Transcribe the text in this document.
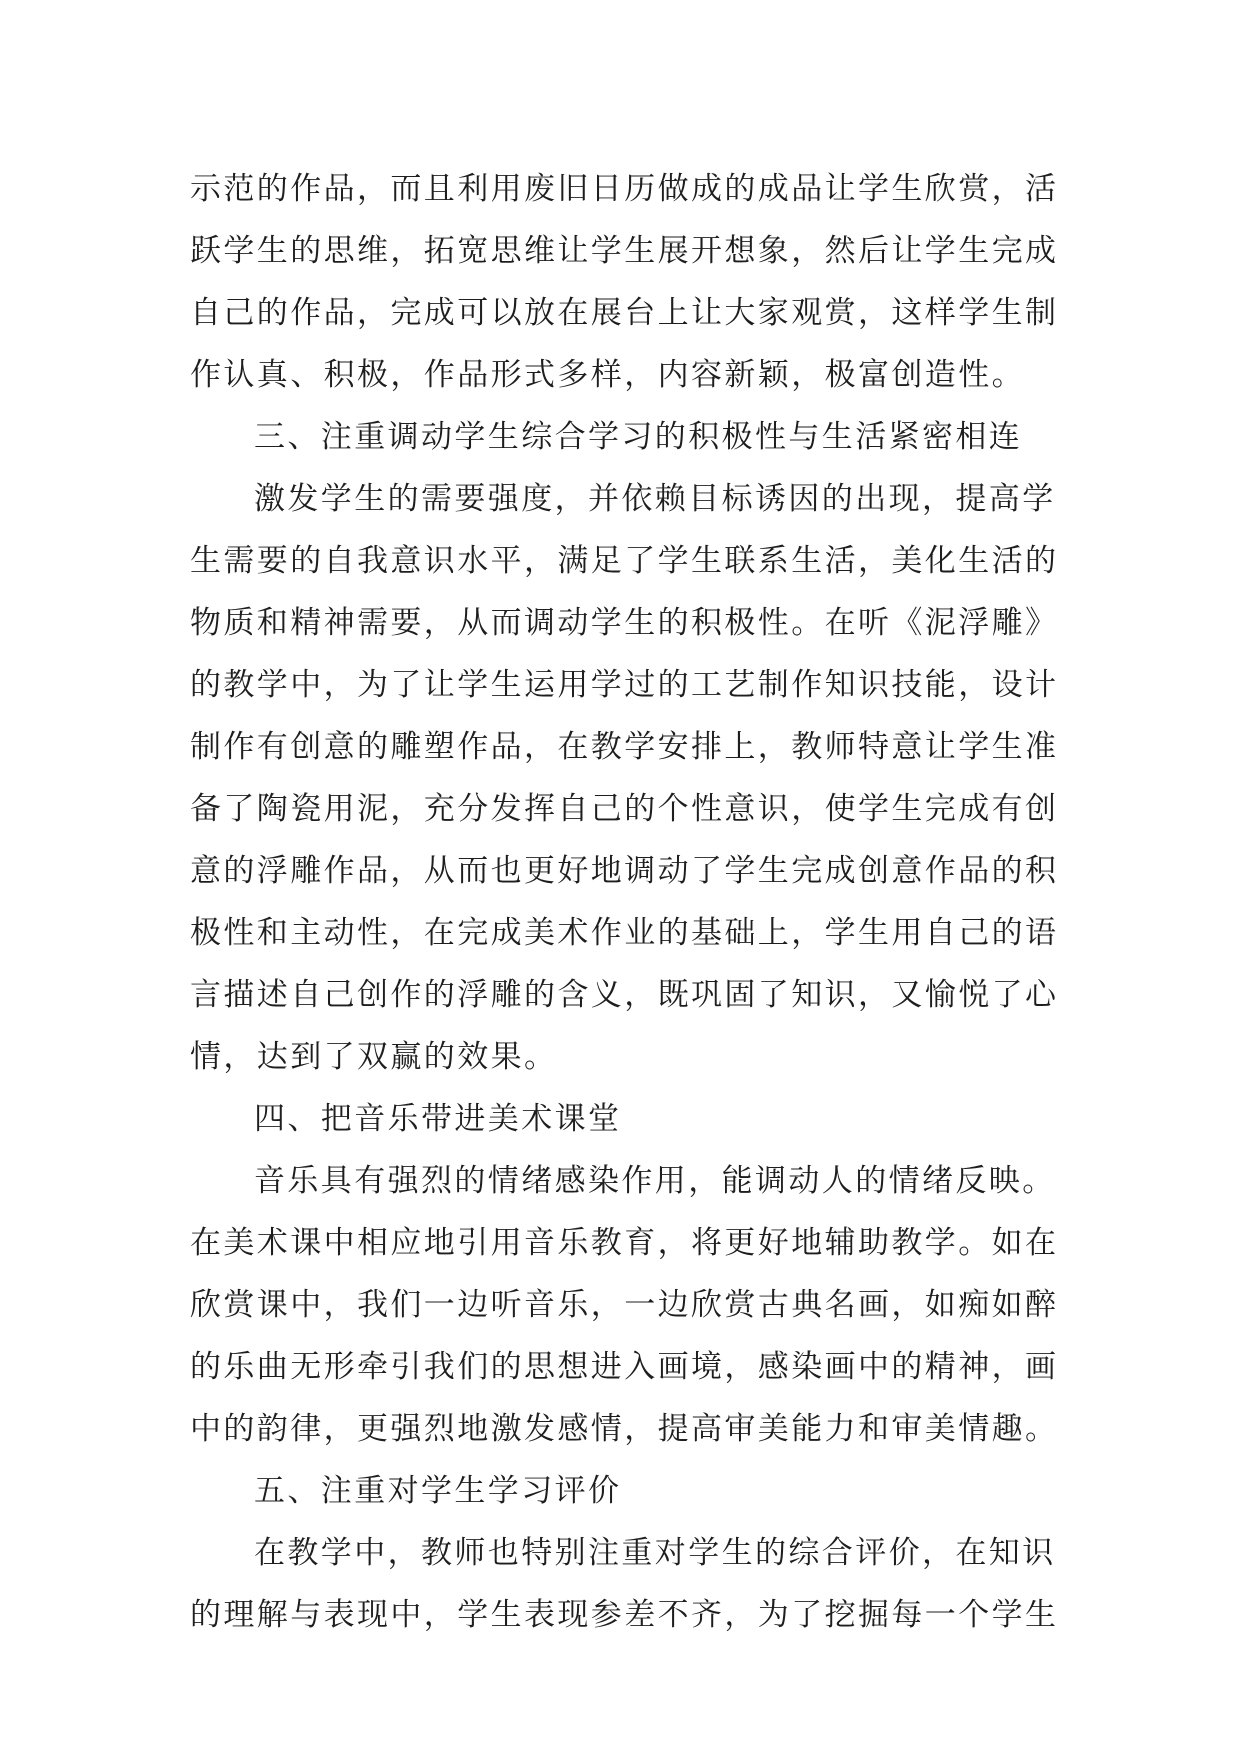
示范的作品，而且利用废旧日历做成的成品让学生欣赏，活
跃学生的思维，拓宽思维让学生展开想象，然后让学生完成
自己的作品，完成可以放在展台上让大家观赏，这样学生制
作认真、积极，作品形式多样，内容新颖，极富创造性。
三、注重调动学生综合学习的积极性与生活紧密相连
激发学生的需要强度，并依赖目标诱因的出现，提高学
生需要的自我意识水平，满足了学生联系生活，美化生活的
物质和精神需要，从而调动学生的积极性。在听《泥浮雕》
的教学中，为了让学生运用学过的工艺制作知识技能，设计
制作有创意的雕塑作品，在教学安排上，教师特意让学生准
备了陶瓷用泥，充分发挥自己的个性意识，使学生完成有创
意的浮雕作品，从而也更好地调动了学生完成创意作品的积
极性和主动性，在完成美术作业的基础上，学生用自己的语
言描述自己创作的浮雕的含义，既巩固了知识，又愉悦了心
情，达到了双赢的效果。
四、把音乐带进美术课堂
音乐具有强烈的情绪感染作用，能调动人的情绪反映。
在美术课中相应地引用音乐教育，将更好地辅助教学。如在
欣赏课中，我们一边听音乐，一边欣赏古典名画，如痴如醉
的乐曲无形牵引我们的思想进入画境，感染画中的精神，画
中的韵律，更强烈地激发感情，提高审美能力和审美情趣。
五、注重对学生学习评价
在教学中，教师也特别注重对学生的综合评价，在知识
的理解与表现中，学生表现参差不齐，为了挖掘每一个学生
